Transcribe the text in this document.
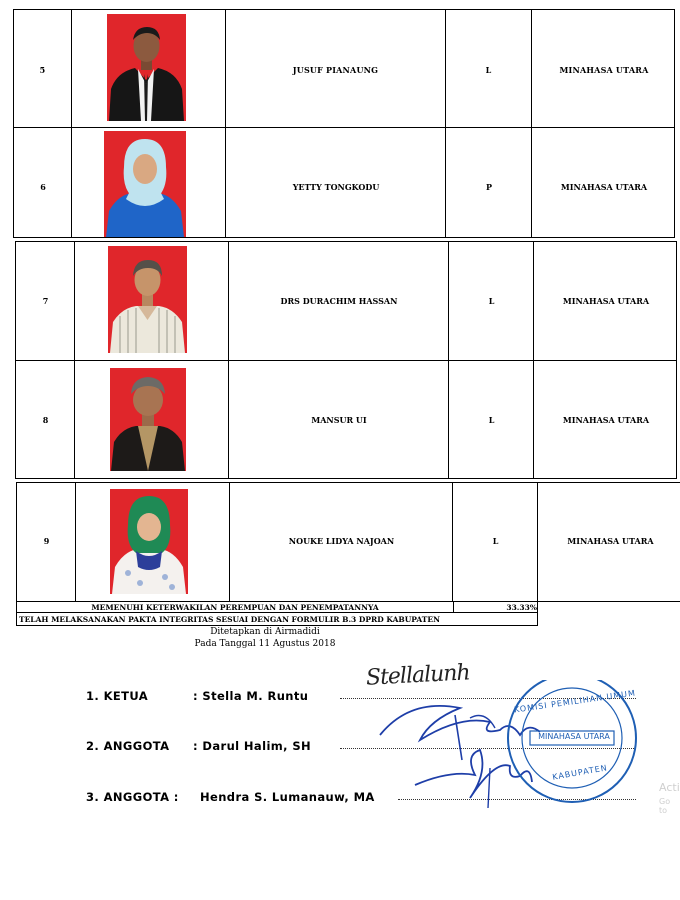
5	JUSUF PIANAUNG	L	MINAHASA UTARA
6	YETTY TONGKODU	P	MINAHASA UTARA
7	DRS DURACHIM HASSAN	L	MINAHASA UTARA
8	MANSUR UI	L	MINAHASA UTARA
9	NOUKE LIDYA NAJOAN	L	MINAHASA UTARA
MEMENUHI KETERWAKILAN PEREMPUAN DAN PENEMPATANNYA	33.33%
TELAH MELAKSANAKAN PAKTA INTEGRITAS SESUAI DENGAN FORMULIR B.3 DPRD KABUPATEN
Ditetapkan di Airmadidi
Pada Tanggal 11 Agustus 2018
1. KETUA	: Stella M. Runtu
2. ANGGOTA : Darul Halim, SH
3. ANGGOTA : Hendra S. Lumanauw, MA
Stellalunh
KOMISI PEMILIHAN UMUM
MINAHASA UTARA
KABUPATEN
Acti
Go to
